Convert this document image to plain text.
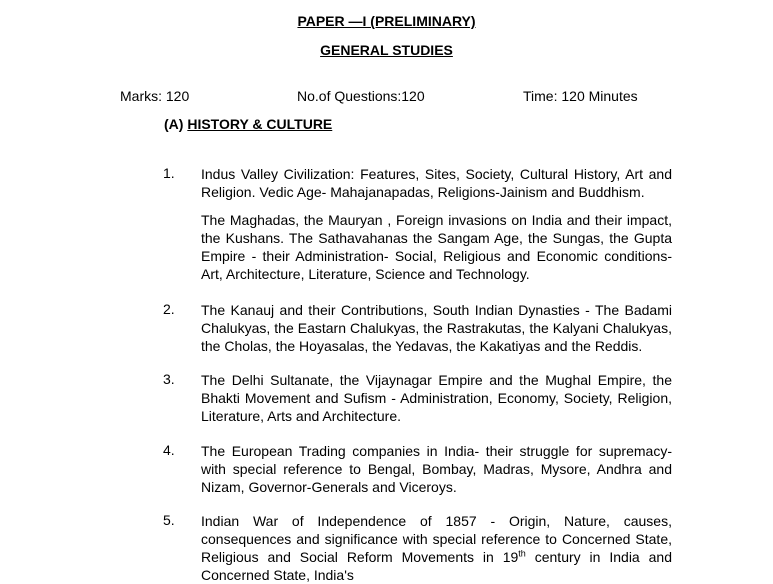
PAPER —I (PRELIMINARY)
GENERAL STUDIES
Marks: 120	No.of Questions:120	Time: 120 Minutes
(A) HISTORY & CULTURE
1. Indus Valley Civilization: Features, Sites, Society, Cultural History, Art and Religion. Vedic Age- Mahajanapadas, Religions-Jainism and Buddhism.

The Maghadas, the Mauryan , Foreign invasions on India and their impact, the Kushans. The Sathavahanas the Sangam Age, the Sungas, the Gupta Empire - their Administration- Social, Religious and Economic conditions-Art, Architecture, Literature, Science and Technology.

2. The Kanauj and their Contributions, South Indian Dynasties - The Badami Chalukyas, the Eastarn Chalukyas, the Rastrakutas, the Kalyani Chalukyas, the Cholas, the Hoyasalas, the Yedavas, the Kakatiyas and the Reddis.

3. The Delhi Sultanate, the Vijaynagar Empire and the Mughal Empire, the Bhakti Movement and Sufism - Administration, Economy, Society, Religion, Literature, Arts and Architecture.

4. The European Trading companies in India- their struggle for supremacy-with special reference to Bengal, Bombay, Madras, Mysore, Andhra and Nizam, Governor-Generals and Viceroys.

5. Indian War of Independence of 1857 - Origin, Nature, causes, consequences and significance with special reference to Concerned State, Religious and Social Reform Movements in 19th century in India and Concerned State, India's
